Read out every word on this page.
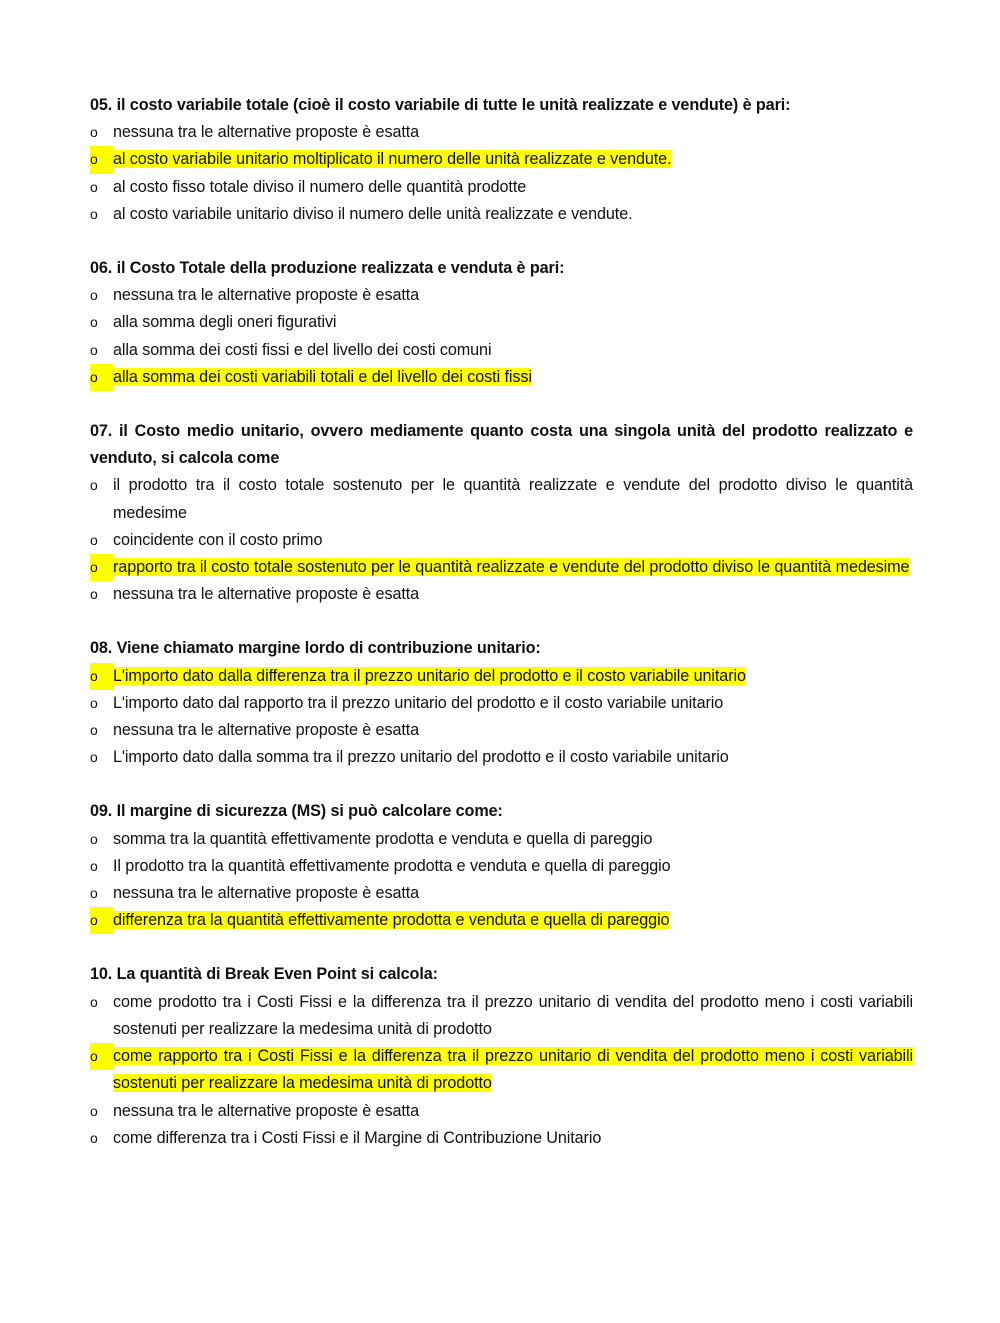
05. il costo variabile totale (cioè il costo variabile di tutte le unità realizzate e vendute) è pari:
o nessuna tra le alternative proposte è esatta
o al costo variabile unitario moltiplicato il numero delle unità realizzate e vendute.
o al costo fisso totale diviso il numero delle quantità prodotte
o al costo variabile unitario diviso il numero delle unità realizzate e vendute.
06. il Costo Totale della produzione realizzata e venduta è pari:
o nessuna tra le alternative proposte è esatta
o alla somma degli oneri figurativi
o alla somma dei costi fissi e del livello dei costi comuni
o alla somma dei costi variabili totali e del livello dei costi fissi
07. il Costo medio unitario, ovvero mediamente quanto costa una singola unità del prodotto realizzato e venduto, si calcola come
o il prodotto tra il costo totale sostenuto per le quantità realizzate e vendute del prodotto diviso le quantità medesime
o coincidente con il costo primo
o rapporto tra il costo totale sostenuto per le quantità realizzate e vendute del prodotto diviso le quantità medesime
o nessuna tra le alternative proposte è esatta
08. Viene chiamato margine lordo di contribuzione unitario:
o L'importo dato dalla differenza tra il prezzo unitario del prodotto e il costo variabile unitario
o L'importo dato dal rapporto tra il prezzo unitario del prodotto e il costo variabile unitario
o nessuna tra le alternative proposte è esatta
o L'importo dato dalla somma tra il prezzo unitario del prodotto e il costo variabile unitario
09. Il margine di sicurezza (MS) si può calcolare come:
o somma tra la quantità effettivamente prodotta e venduta e quella di pareggio
o Il prodotto tra la quantità effettivamente prodotta e venduta e quella di pareggio
o nessuna tra le alternative proposte è esatta
o differenza tra la quantità effettivamente prodotta e venduta e quella di pareggio
10. La quantità di Break Even Point si calcola:
o come prodotto tra i Costi Fissi e la differenza tra il prezzo unitario di vendita del prodotto meno i costi variabili sostenuti per realizzare la medesima unità di prodotto
o come rapporto tra i Costi Fissi e la differenza tra il prezzo unitario di vendita del prodotto meno i costi variabili sostenuti per realizzare la medesima unità di prodotto
o nessuna tra le alternative proposte è esatta
o come differenza tra i Costi Fissi e il Margine di Contribuzione Unitario
